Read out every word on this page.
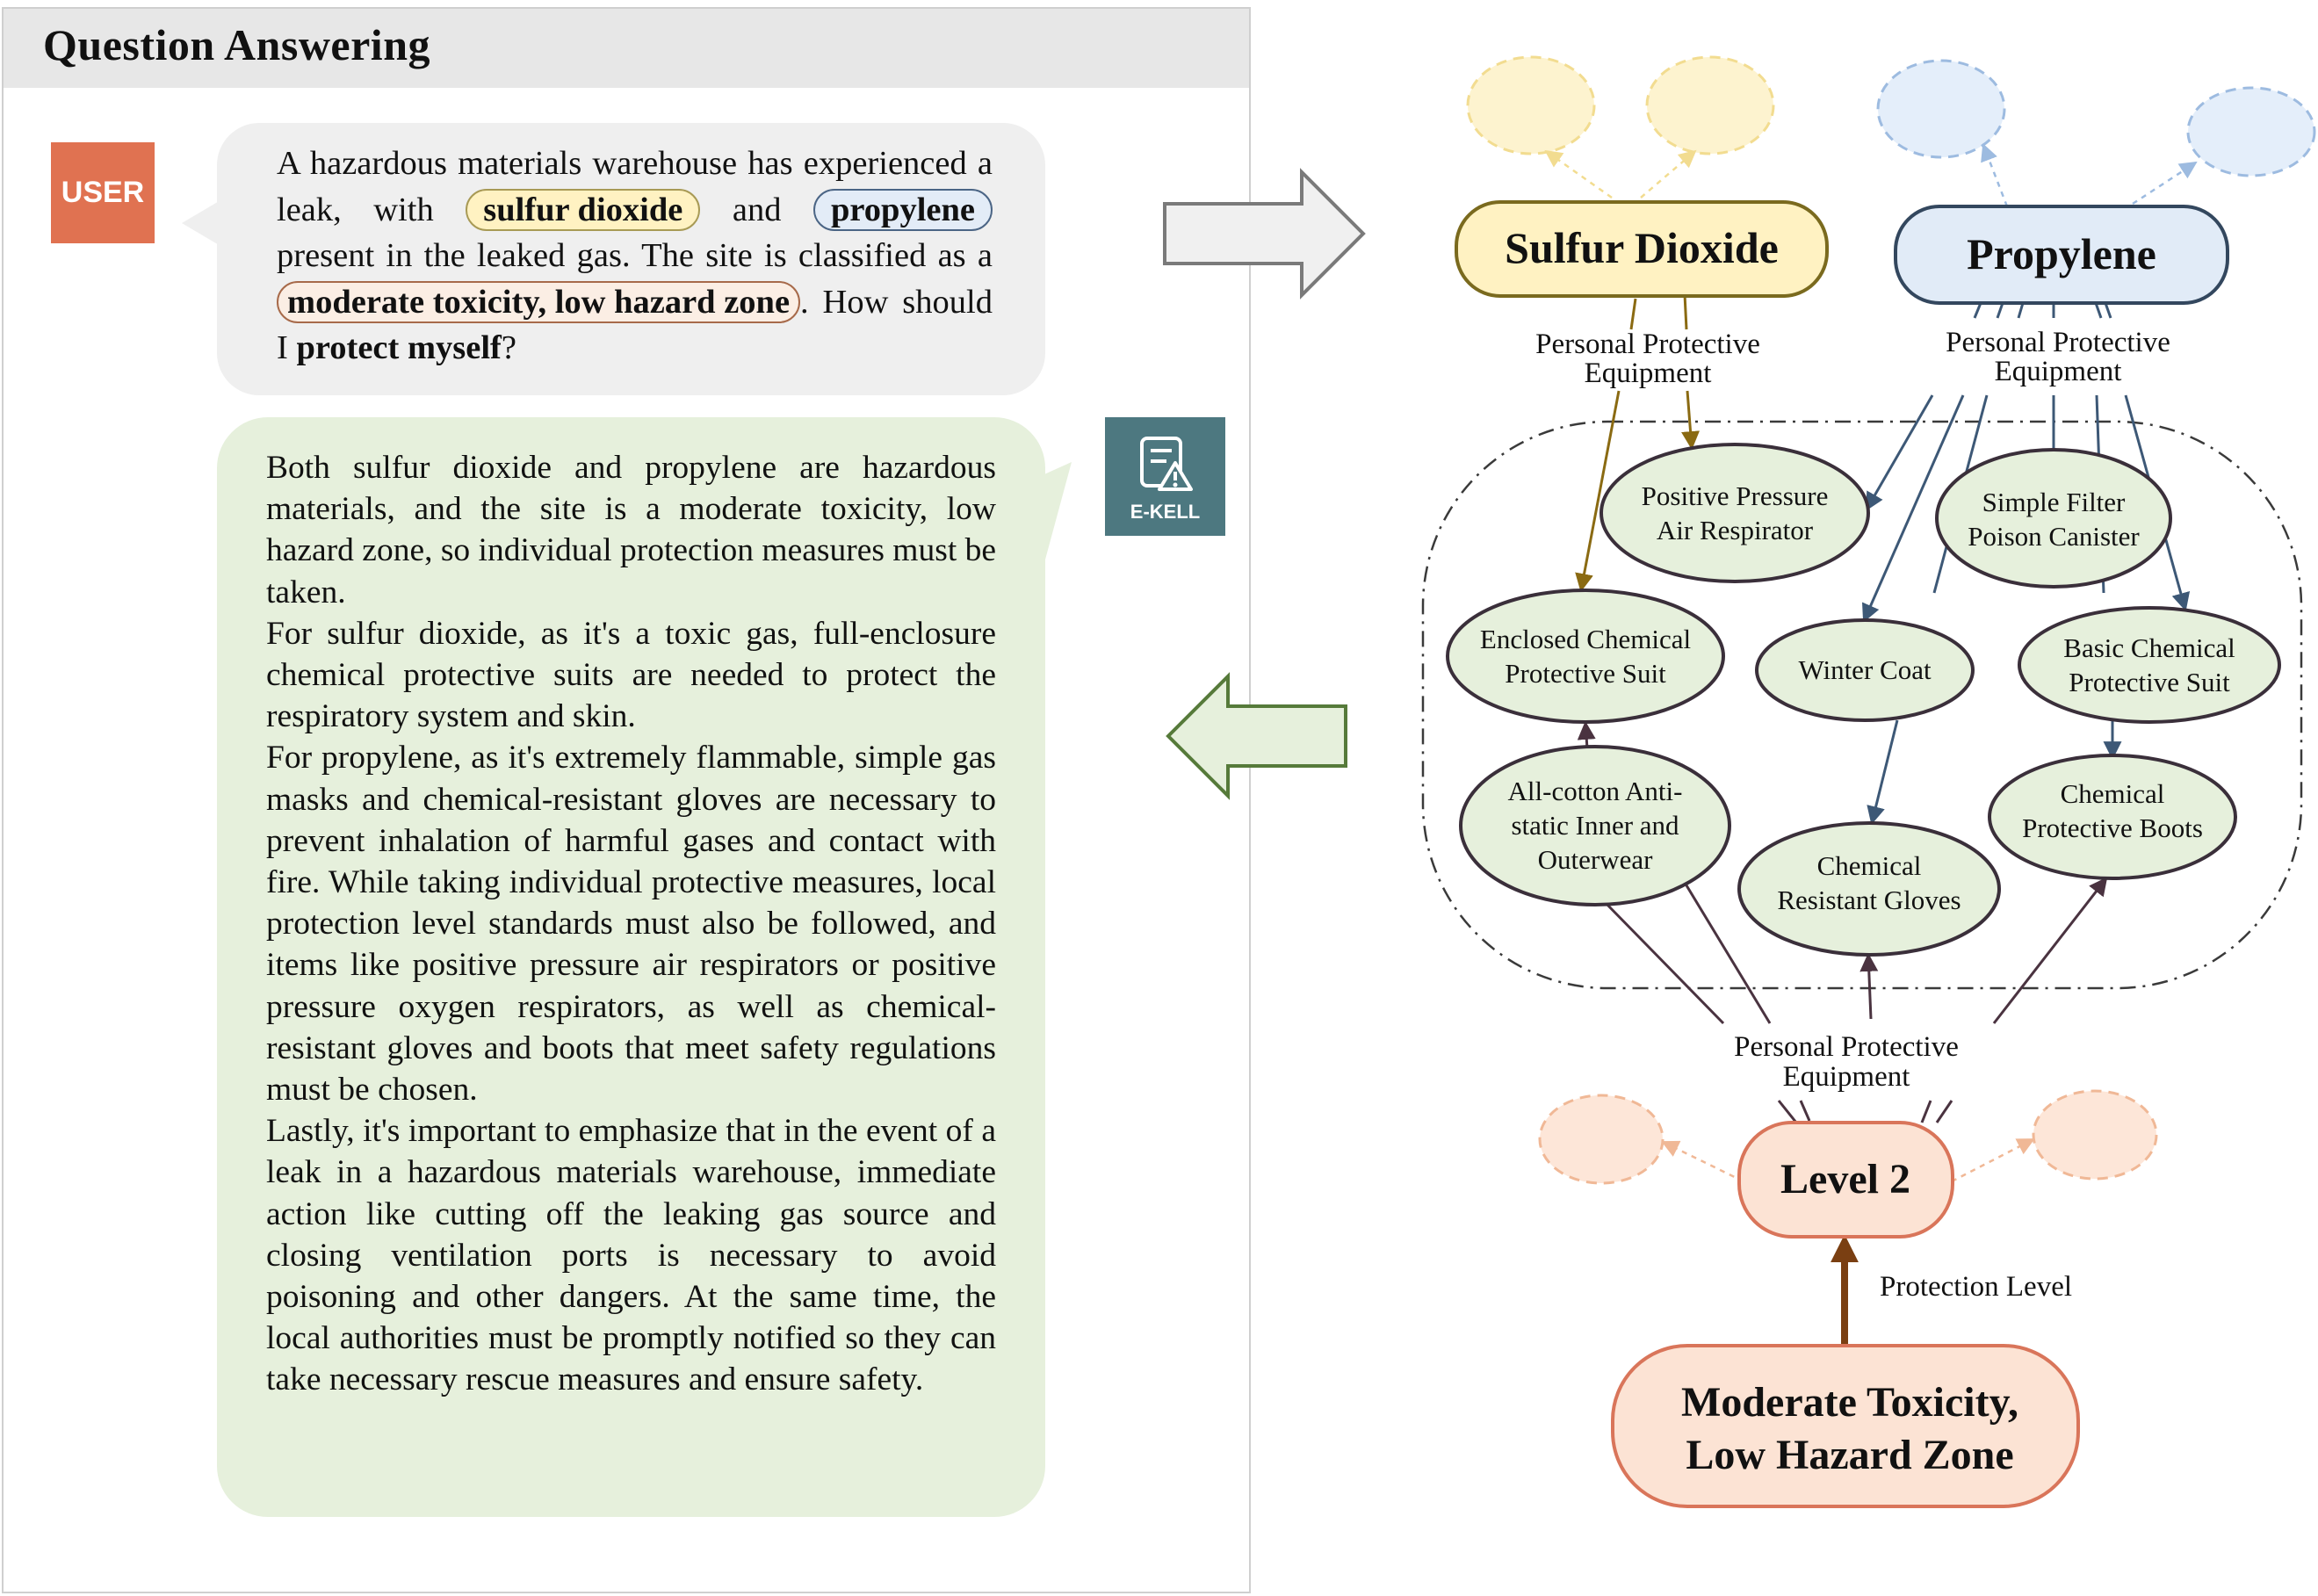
Question Answering
USER
A hazardous materials warehouse has experienced a leak, with sulfur dioxide and propylene present in the leaked gas. The site is classified as a moderate toxicity, low hazard zone . How should I protect myself?

Both sulfur dioxide and propylene are hazardous materials, and the site is a moderate toxicity, low hazard zone, so individual protection measures must be taken.

For sulfur dioxide, as it's a toxic gas, full-enclosure chemical protective suits are needed to protect the respiratory system and skin.

For propylene, as it's extremely flammable, simple gas masks and chemical-resistant gloves are necessary to prevent inhalation of harmful gases and contact with fire. While taking individual protective measures, local protection level standards must also be followed, and items like positive pressure air respirators or positive pressure oxygen respirators, as well as chemical-resistant gloves and boots that meet safety regulations must be chosen.

Lastly, it's important to emphasize that in the event of a leak in a hazardous materials warehouse, immediate action like cutting off the leaking gas source and closing ventilation ports is necessary to avoid poisoning and other dangers. At the same time, the local authorities must be promptly notified so they can take necessary rescue measures and ensure safety.

E-KELL
Personal Protective
Equipment
Personal Protective
Equipment
Personal Protective
Equipment
Protection Level
Sulfur Dioxide	Propylene
Level 2
Moderate Toxicity,
Low Hazard Zone
Positive Pressure
Air Respirator
Simple Filter
Poison Canister
Enclosed Chemical
Protective Suit	Winter Coat
Basic Chemical
Protective Suit
All-cotton Anti-
static Inner and
Outerwear	Chemical
Resistant Gloves
Chemical
Protective Boots
